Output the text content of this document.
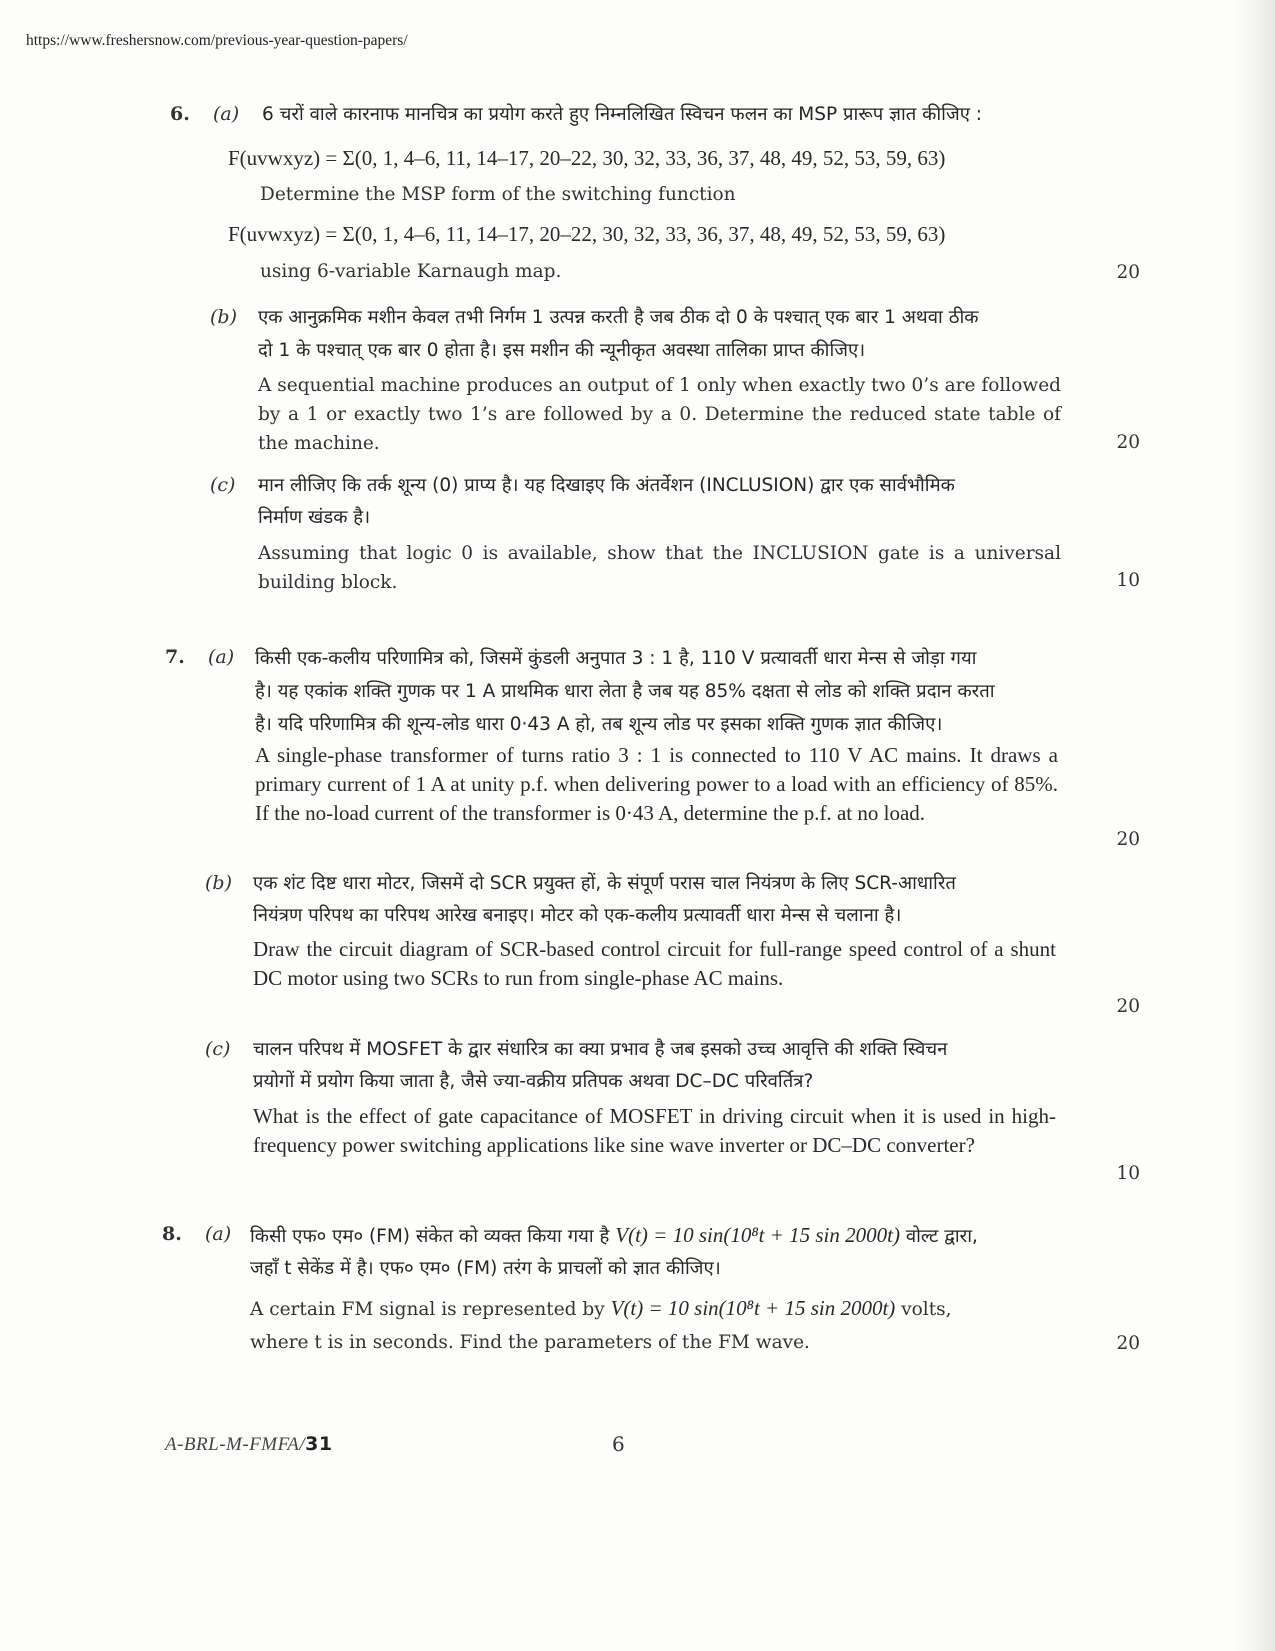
https://www.freshersnow.com/previous-year-question-papers/
6. (a) 6 चरों वाले कारनाफ मानचित्र का प्रयोग करते हुए निम्नलिखित स्विचन फलन का MSP प्रारूप ज्ञात कीजिए :
F(uvwxyz) = Σ(0, 1, 4–6, 11, 14–17, 20–22, 30, 32, 33, 36, 37, 48, 49, 52, 53, 59, 63)
Determine the MSP form of the switching function
F(uvwxyz) = Σ(0, 1, 4–6, 11, 14–17, 20–22, 30, 32, 33, 36, 37, 48, 49, 52, 53, 59, 63)
using 6-variable Karnaugh map.	20
(b) एक आनुक्रमिक मशीन केवल तभी निर्गम 1 उत्पन्न करती है जब ठीक दो 0 के पश्चात् एक बार 1 अथवा ठीक
दो 1 के पश्चात् एक बार 0 होता है। इस मशीन की न्यूनीकृत अवस्था तालिका प्राप्त कीजिए।
A sequential machine produces an output of 1 only when exactly two 0’s are followed by a 1 or exactly two 1’s are followed by a 0. Determine the reduced state table of the machine.	20
(c) मान लीजिए कि तर्क शून्य (0) प्राप्य है। यह दिखाइए कि अंतर्वेशन (INCLUSION) द्वार एक सार्वभौमिक
निर्माण खंडक है।
Assuming that logic 0 is available, show that the INCLUSION gate is a universal building block.	10
7. (a) किसी एक-कलीय परिणामित्र को, जिसमें कुंडली अनुपात 3 : 1 है, 110 V प्रत्यावर्ती धारा मेन्स से जोड़ा गया
है। यह एकांक शक्ति गुणक पर 1 A प्राथमिक धारा लेता है जब यह 85% दक्षता से लोड को शक्ति प्रदान करता
है। यदि परिणामित्र की शून्य-लोड धारा 0·43 A हो, तब शून्य लोड पर इसका शक्ति गुणक ज्ञात कीजिए।
A single-phase transformer of turns ratio 3 : 1 is connected to 110 V AC mains. It draws a primary current of 1 A at unity p.f. when delivering power to a load with an efficiency of 85%. If the no-load current of the transformer is 0·43 A, determine the p.f. at no load.
20
(b) एक शंट दिष्ट धारा मोटर, जिसमें दो SCR प्रयुक्त हों, के संपूर्ण परास चाल नियंत्रण के लिए SCR-आधारित
नियंत्रण परिपथ का परिपथ आरेख बनाइए। मोटर को एक-कलीय प्रत्यावर्ती धारा मेन्स से चलाना है।
Draw the circuit diagram of SCR-based control circuit for full-range speed control of a shunt DC motor using two SCRs to run from single-phase AC mains.
20
(c) चालन परिपथ में MOSFET के द्वार संधारित्र का क्या प्रभाव है जब इसको उच्च आवृत्ति की शक्ति स्विचन
प्रयोगों में प्रयोग किया जाता है, जैसे ज्या-वक्रीय प्रतिपक अथवा DC–DC परिवर्तित्र?
What is the effect of gate capacitance of MOSFET in driving circuit when it is used in high-frequency power switching applications like sine wave inverter or DC–DC converter?
10
8. (a) किसी एफ० एम० (FM) संकेत को व्यक्त किया गया है V(t) = 10 sin(10⁸t + 15 sin 2000t) वोल्ट द्वारा,
जहाँ t सेकेंड में है। एफ० एम० (FM) तरंग के प्राचलों को ज्ञात कीजिए।
A certain FM signal is represented by V(t) = 10 sin(10⁸t + 15 sin 2000t) volts,
where t is in seconds. Find the parameters of the FM wave.	20
A-BRL-M-FMFA/31	6
